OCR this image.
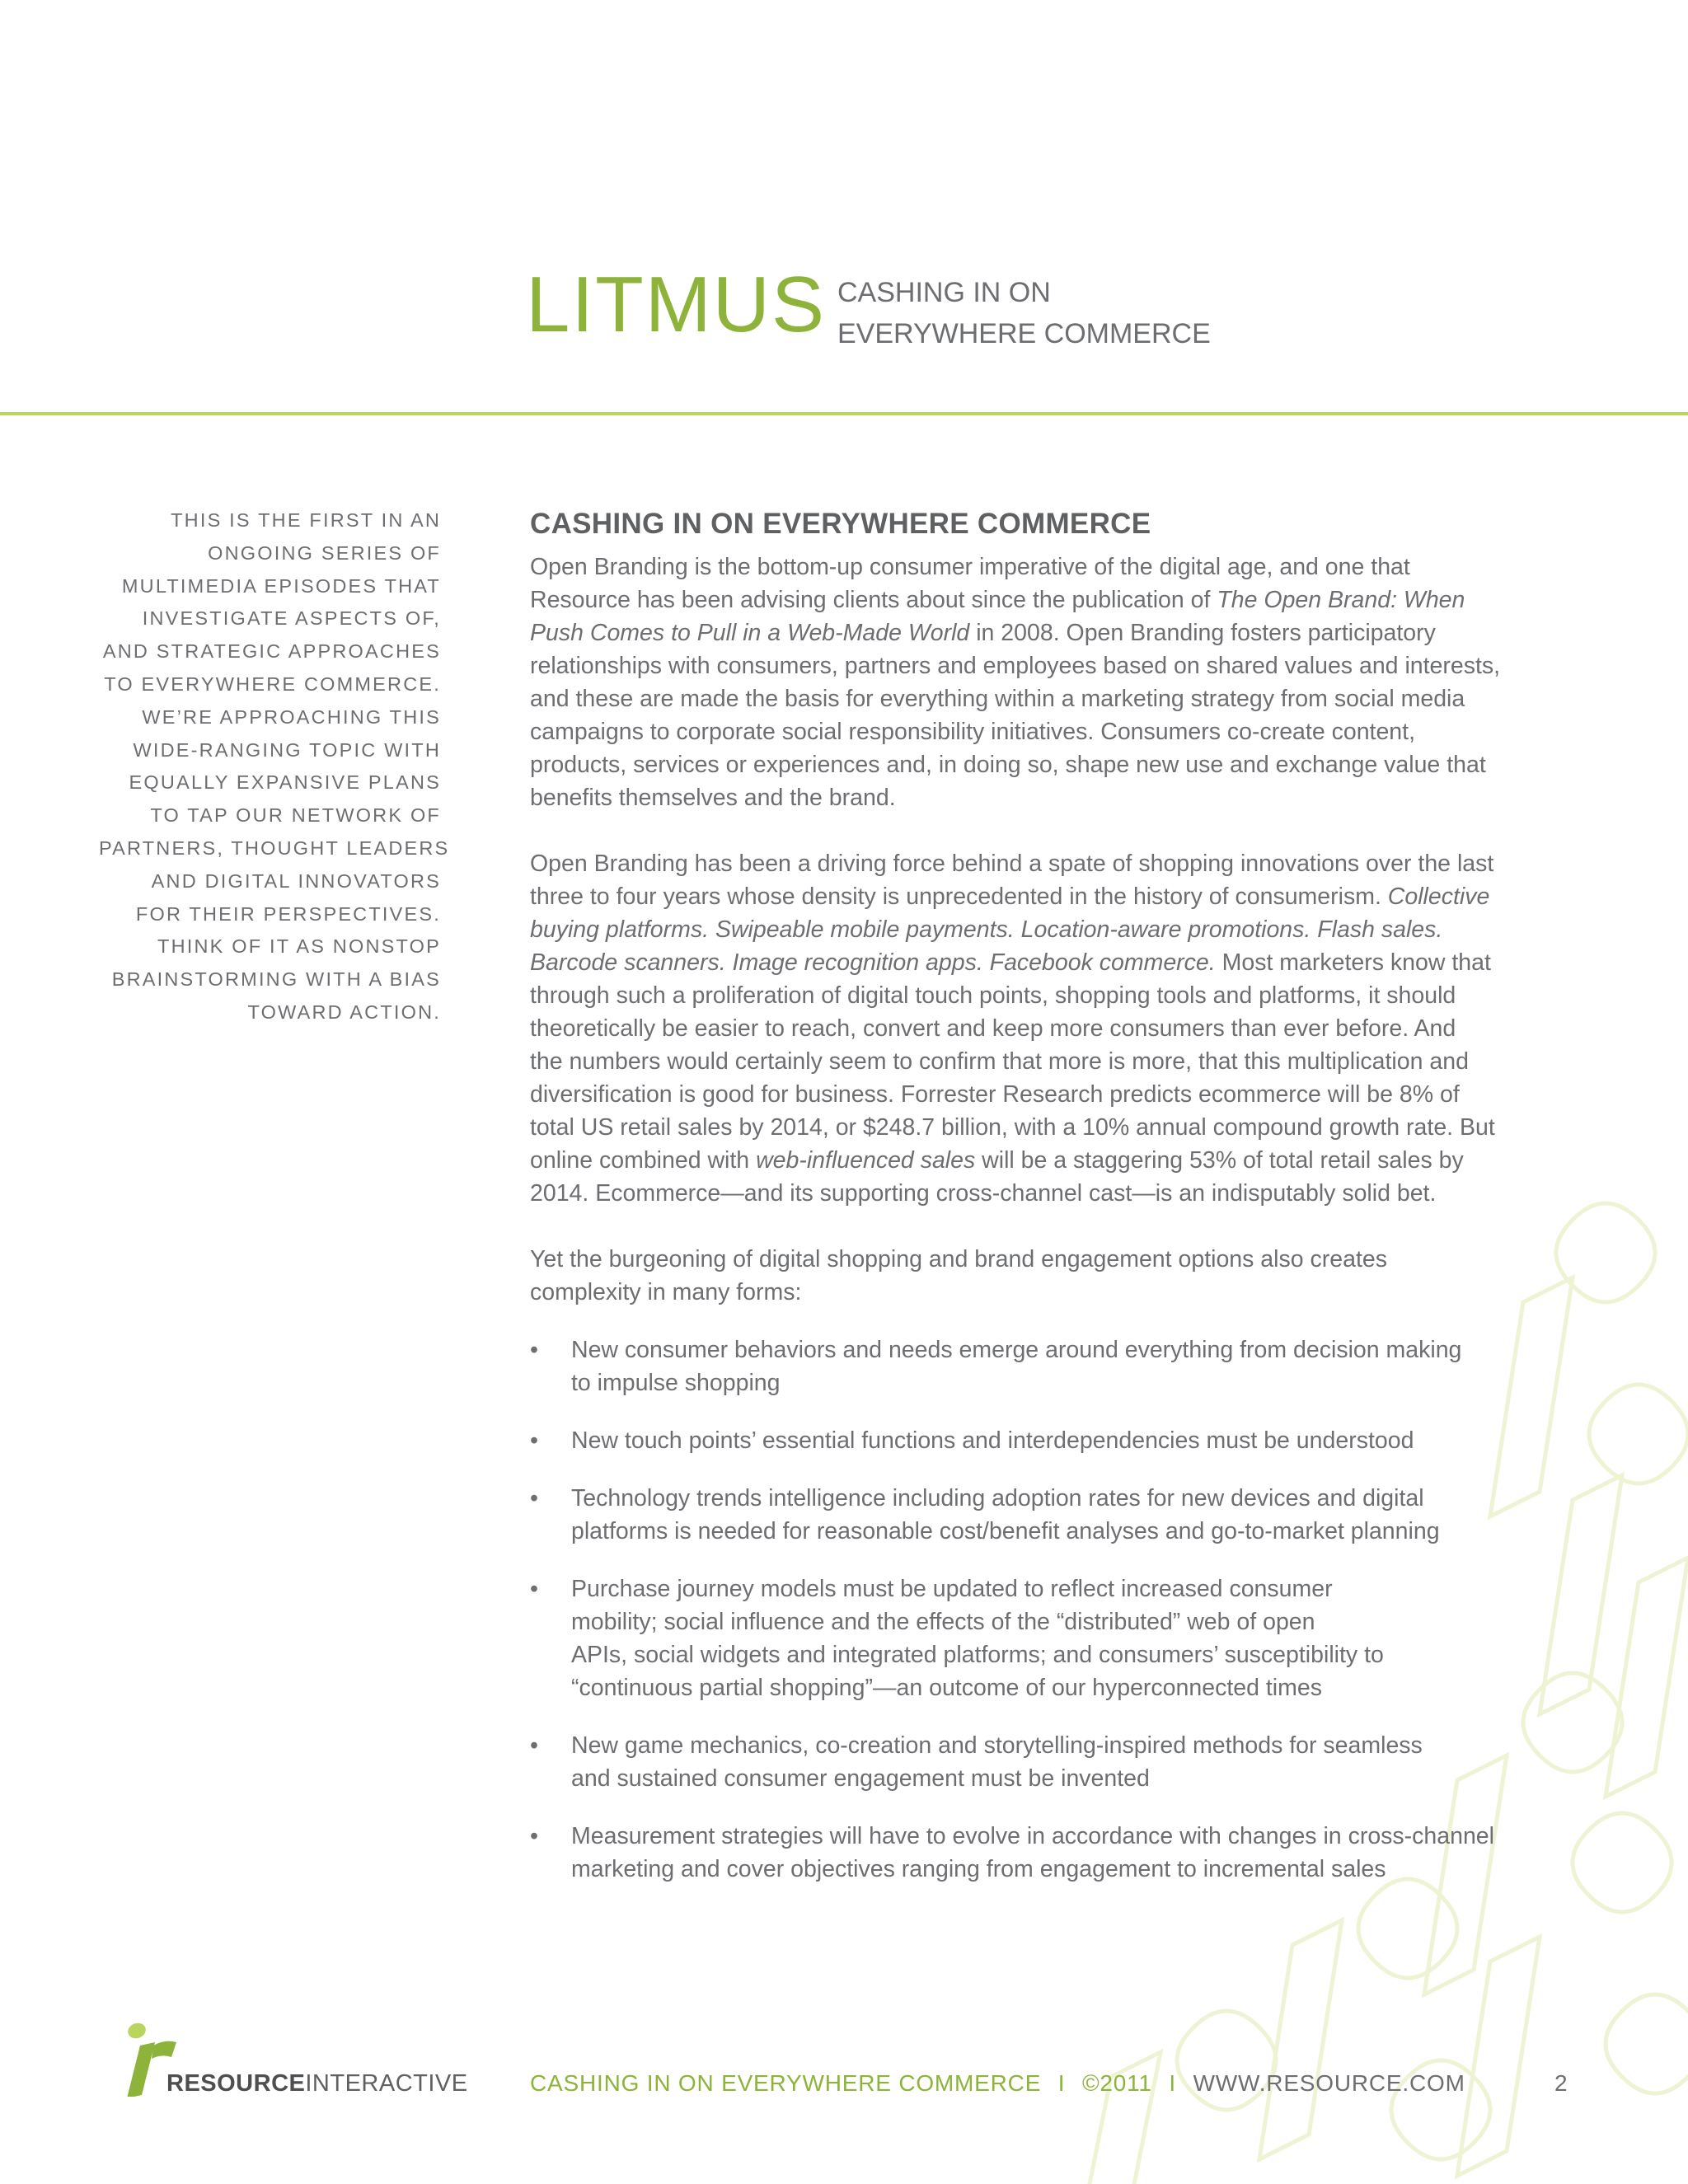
LITMUS CASHING IN ON
EVERYWHERE COMMERCE
THIS IS THE FIRST IN AN
ONGOING SERIES OF
MULTIMEDIA EPISODES THAT
INVESTIGATE ASPECTS OF,
AND STRATEGIC APPROACHES
TO EVERYWHERE COMMERCE.
WE’RE APPROACHING THIS
WIDE-RANGING TOPIC WITH
EQUALLY EXPANSIVE PLANS
TO TAP OUR NETWORK OF
PARTNERS, THOUGHT LEADERS
AND DIGITAL INNOVATORS
FOR THEIR PERSPECTIVES.
THINK OF IT AS NONSTOP
BRAINSTORMING WITH A BIAS
TOWARD ACTION.
CASHING IN ON EVERYWHERE COMMERCE
Open Branding is the bottom-up consumer imperative of the digital age, and one that
Resource has been advising clients about since the publication of The Open Brand: When
Push Comes to Pull in a Web-Made World in 2008. Open Branding fosters participatory
relationships with consumers, partners and employees based on shared values and interests,
and these are made the basis for everything within a marketing strategy from social media
campaigns to corporate social responsibility initiatives. Consumers co-create content,
products, services or experiences and, in doing so, shape new use and exchange value that
benefits themselves and the brand.
Open Branding has been a driving force behind a spate of shopping innovations over the last
three to four years whose density is unprecedented in the history of consumerism. Collective
buying platforms. Swipeable mobile payments. Location-aware promotions. Flash sales.
Barcode scanners. Image recognition apps. Facebook commerce. Most marketers know that
through such a proliferation of digital touch points, shopping tools and platforms, it should
theoretically be easier to reach, convert and keep more consumers than ever before. And
the numbers would certainly seem to confirm that more is more, that this multiplication and
diversification is good for business. Forrester Research predicts ecommerce will be 8% of
total US retail sales by 2014, or $248.7 billion, with a 10% annual compound growth rate. But
online combined with web-influenced sales will be a staggering 53% of total retail sales by
2014. Ecommerce—and its supporting cross-channel cast—is an indisputably solid bet.
Yet the burgeoning of digital shopping and brand engagement options also creates
complexity in many forms:
• New consumer behaviors and needs emerge around everything from decision making
to impulse shopping
• New touch points’ essential functions and interdependencies must be understood
• Technology trends intelligence including adoption rates for new devices and digital
platforms is needed for reasonable cost/benefit analyses and go-to-market planning
• Purchase journey models must be updated to reflect increased consumer
mobility; social influence and the effects of the “distributed” web of open
APIs, social widgets and integrated platforms; and consumers’ susceptibility to
“continuous partial shopping”—an outcome of our hyperconnected times
• New game mechanics, co-creation and storytelling-inspired methods for seamless
and sustained consumer engagement must be invented
• Measurement strategies will have to evolve in accordance with changes in cross-channel
marketing and cover objectives ranging from engagement to incremental sales
RESOURCEINTERACTIVE	CASHING IN ON EVERYWHERE COMMERCE I ©2011 I WWW.RESOURCE.COM	2
